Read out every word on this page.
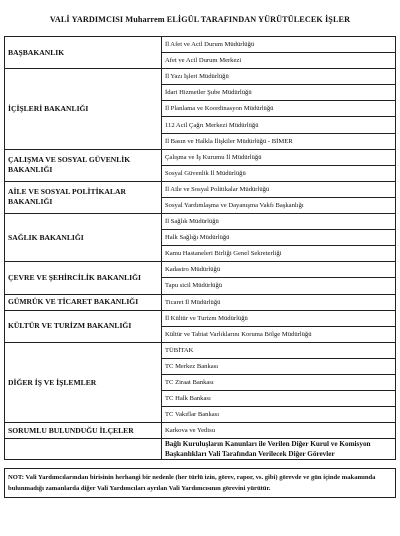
VALİ YARDIMCISI Muharrem ELİGÜL TARAFINDAN YÜRÜTÜLECEK İŞLER
BAŞBAKANLIK	İl Afet ve Acil Durum Müdürlüğü
	Afet ve Acil Durum Merkezi
İÇİŞLERİ BAKANLIĞI	İl Yazı İşleri Müdürlüğü
	İdari Hizmetler Şube Müdürlüğü
	İl Planlama ve Koordinasyon Müdürlüğü
	112 Acil Çağrı Merkezi Müdürlüğü
	İl Basın ve Halkla İlişkiler Müdürlüğü - BİMER
ÇALIŞMA VE SOSYAL GÜVENLİK BAKANLIĞI	Çalışma ve İş Kurumu İl Müdürlüğü
	Sosyal Güvenlik İl Müdürlüğü
AİLE VE SOSYAL POLİTİKALAR BAKANLIĞI	İl Aile ve Sosyal Politikalar Müdürlüğü
	Sosyal Yardımlaşma ve Dayanışma Vakfı Başkanlığı
SAĞLIK BAKANLIĞI	İl Sağlık Müdürlüğü
	Halk Sağlığı Müdürlüğü
	Kamu Hastaneleri Birliği Genel Sekreterliği
ÇEVRE VE ŞEHİRCİLİK BAKANLIĞI	Kadastro Müdürlüğü
	Tapu sicil Müdürlüğü
GÜMRÜK VE TİCARET BAKANLIĞI	Ticaret İl Müdürlüğü
KÜLTÜR VE TURİZM BAKANLIĞI	İl Kültür ve Turizm Müdürlüğü
	Kültür ve Tabiat Varlıklarını Koruma Bölge Müdürlüğü
DİĞER İŞ VE İŞLEMLER	TÜBİTAK
	TC Merkez Bankası
	TC Ziraat Bankası
	TC Halk Bankası
	TC Vakıflar Bankası
SORUMLU BULUNDUĞU İLÇELER	Karkova ve Yedisu
	Bağlı Kuruluşların Kanunları ile Verilen Diğer Kurul ve Komisyon Başkanlıkları Vali Tarafından Verilecek Diğer Görevler
NOT: Vali Yardımcılarından birisinin herhangi bir nedenle (her türlü izin, görev, rapor, vs. gibi) görevde ve gün içinde makamında bulunmadığı zamanlarda diğer Vali Yardımcıları ayrılan Vali Yardımcısının görevini yürütür.
